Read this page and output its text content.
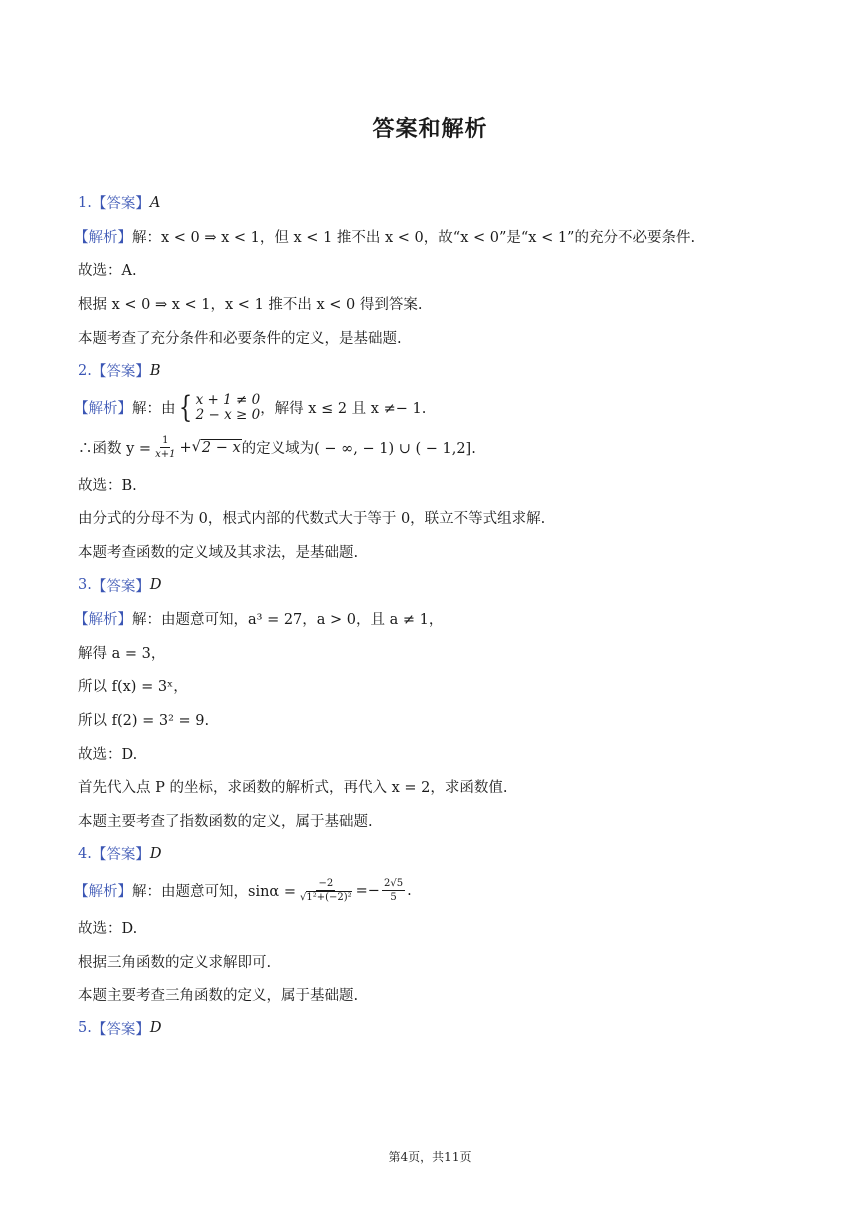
答案和解析
1. 【答案】 A
【解析】 解： x < 0 ⇒ x < 1，但 x < 1 推不出 x < 0，故“x < 0”是“x < 1”的充分不必要条件.
故选：A.
根据 x < 0 ⇒ x < 1，x < 1 推不出 x < 0 得到答案.
本题考查了充分条件和必要条件的定义，是基础题.
2. 【答案】 B
【解析】 解：由 { x + 1 ≠ 0
2 − x ≥ 0 ，解得 x ≤ 2 且 x ≠− 1.
∴函数 $y = \frac{1}{x+1}$ + √ 2 − x 的定义域为( − ∞, − 1) ∪ ( − 1,2].
故选：B.
由分式的分母不为 0，根式内部的代数式大于等于 0，联立不等式组求解.
本题考查函数的定义域及其求法，是基础题.
3. 【答案】 D
【解析】 解：由题意可知，a³ = 27，a > 0，且 a ≠ 1，
解得 a = 3，
所以 f(x) = 3ˣ，
所以 f(2) = 3² = 9.
故选：D.
首先代入点 P 的坐标，求函数的解析式，再代入 x = 2，求函数值.
本题主要考查了指数函数的定义，属于基础题.
4. 【答案】 D
【解析】 解：由题意可知，$\sin\alpha = \frac{-2}{\text{√1²+(−2)²}} =- \frac{2√5}{5}$ .
故选：D.
根据三角函数的定义求解即可.
本题主要考查三角函数的定义，属于基础题.
5. 【答案】 D
第4页，共11页
